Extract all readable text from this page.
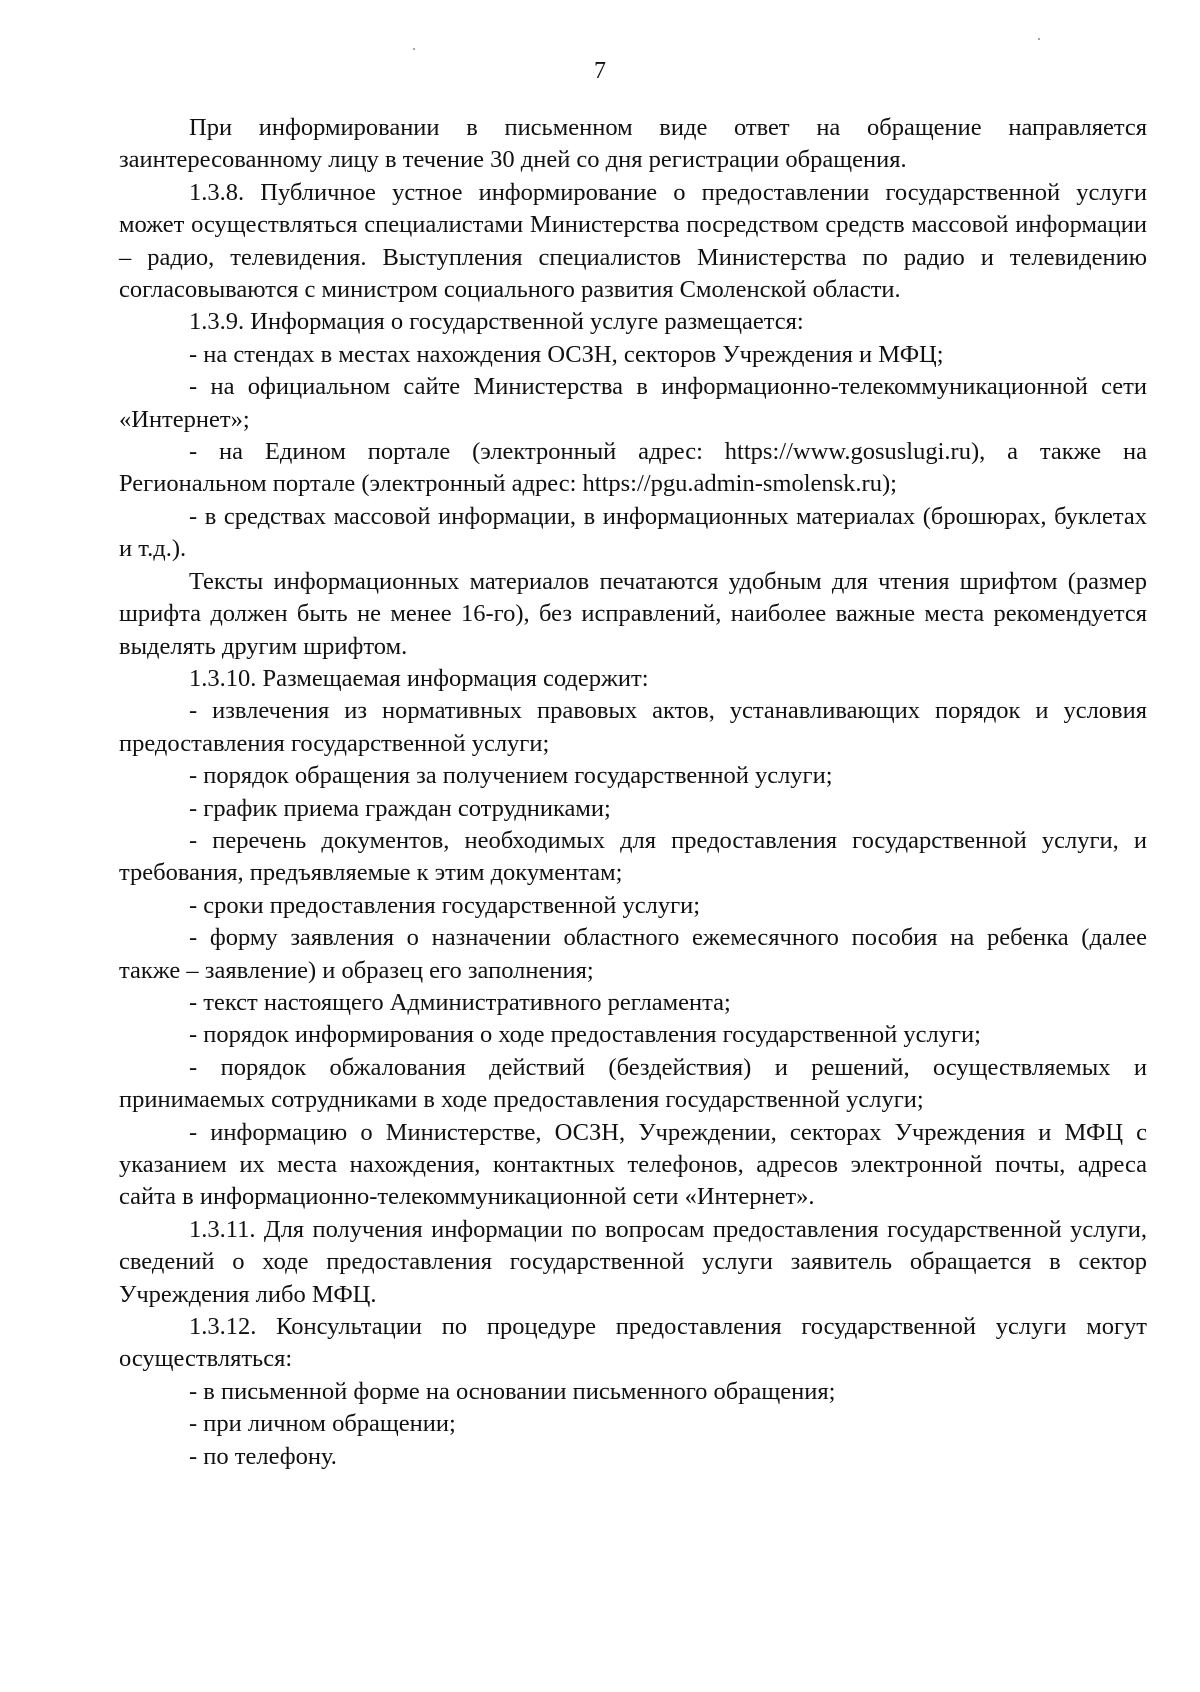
7

При информировании в письменном виде ответ на обращение направляется заинтересованному лицу в течение 30 дней со дня регистрации обращения.

1.3.8. Публичное устное информирование о предоставлении государственной услуги может осуществляться специалистами Министерства посредством средств массовой информации – радио, телевидения. Выступления специалистов Министерства по радио и телевидению согласовываются с министром социального развития Смоленской области.

1.3.9. Информация о государственной услуге размещается:

- на стендах в местах нахождения ОСЗН, секторов Учреждения и МФЦ;

- на официальном сайте Министерства в информационно-телекоммуникационной сети «Интернет»;

- на Едином портале (электронный адрес: https://www.gosuslugi.ru), а также на Региональном портале (электронный адрес: https://pgu.admin-smolensk.ru);

- в средствах массовой информации, в информационных материалах (брошюрах, буклетах и т.д.).

Тексты информационных материалов печатаются удобным для чтения шрифтом (размер шрифта должен быть не менее 16-го), без исправлений, наиболее важные места рекомендуется выделять другим шрифтом.

1.3.10. Размещаемая информация содержит:

- извлечения из нормативных правовых актов, устанавливающих порядок и условия предоставления государственной услуги;

- порядок обращения за получением государственной услуги;

- график приема граждан сотрудниками;

- перечень документов, необходимых для предоставления государственной услуги, и требования, предъявляемые к этим документам;

- сроки предоставления государственной услуги;

- форму заявления о назначении областного ежемесячного пособия на ребенка (далее также – заявление) и образец его заполнения;

- текст настоящего Административного регламента;

- порядок информирования о ходе предоставления государственной услуги;

- порядок обжалования действий (бездействия) и решений, осуществляемых и принимаемых сотрудниками в ходе предоставления государственной услуги;

- информацию о Министерстве, ОСЗН, Учреждении, секторах Учреждения и МФЦ с указанием их места нахождения, контактных телефонов, адресов электронной почты, адреса сайта в информационно-телекоммуникационной сети «Интернет».

1.3.11. Для получения информации по вопросам предоставления государственной услуги, сведений о ходе предоставления государственной услуги заявитель обращается в сектор Учреждения либо МФЦ.

1.3.12. Консультации по процедуре предоставления государственной услуги могут осуществляться:

- в письменной форме на основании письменного обращения;

- при личном обращении;

- по телефону.
